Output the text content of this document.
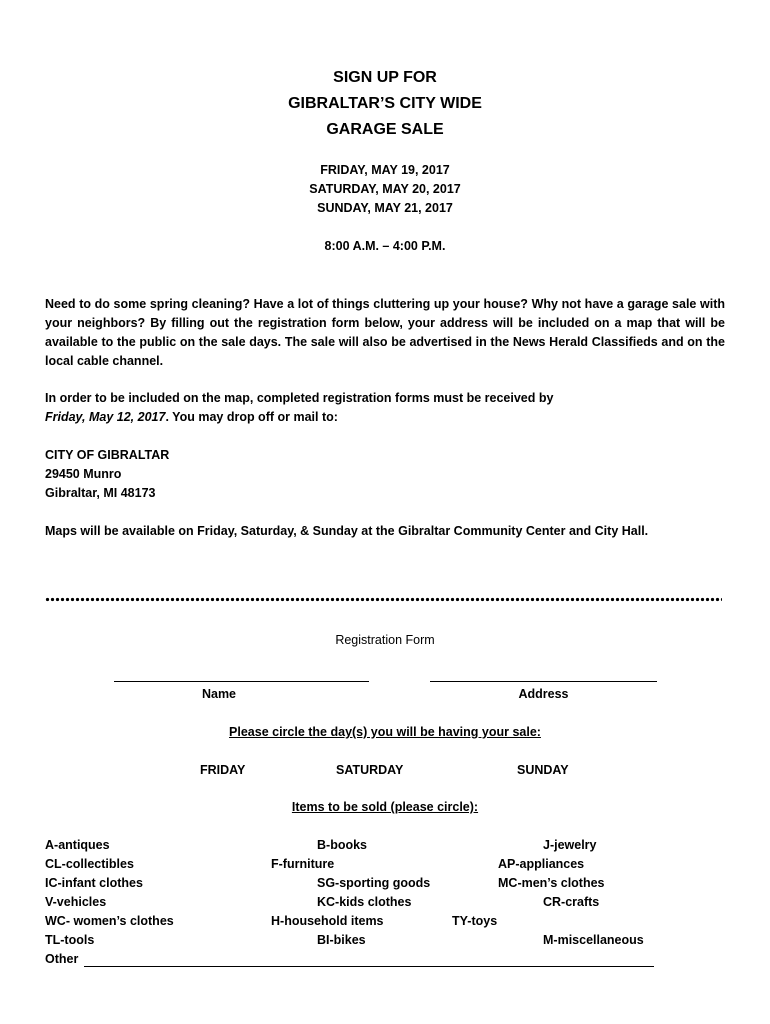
SIGN UP FOR
GIBRALTAR’S CITY WIDE
GARAGE SALE
FRIDAY, MAY 19, 2017
SATURDAY, MAY 20, 2017
SUNDAY, MAY 21, 2017
8:00 A.M. – 4:00 P.M.
Need to do some spring cleaning? Have a lot of things cluttering up your house? Why not have a garage sale with your neighbors? By filling out the registration form below, your address will be included on a map that will be available to the public on the sale days. The sale will also be advertised in the News Herald Classifieds and on the local cable channel.
In order to be included on the map, completed registration forms must be received by
Friday, May 12, 2017. You may drop off or mail to:
CITY OF GIBRALTAR
29450 Munro
Gibraltar, MI 48173
Maps will be available on Friday, Saturday, & Sunday at the Gibraltar Community Center and City Hall.
Registration Form
Name	Address
Please circle the day(s) you will be having your sale:
FRIDAY	SATURDAY	SUNDAY
Items to be sold (please circle):
A-antiques	B-books	J-jewelry
CL-collectibles	F-furniture	AP-appliances
IC-infant clothes	SG-sporting goods	MC-men’s clothes
V-vehicles	KC-kids clothes	CR-crafts
WC- women’s clothes	H-household items	TY-toys
TL-tools	BI-bikes	M-miscellaneous
Other
